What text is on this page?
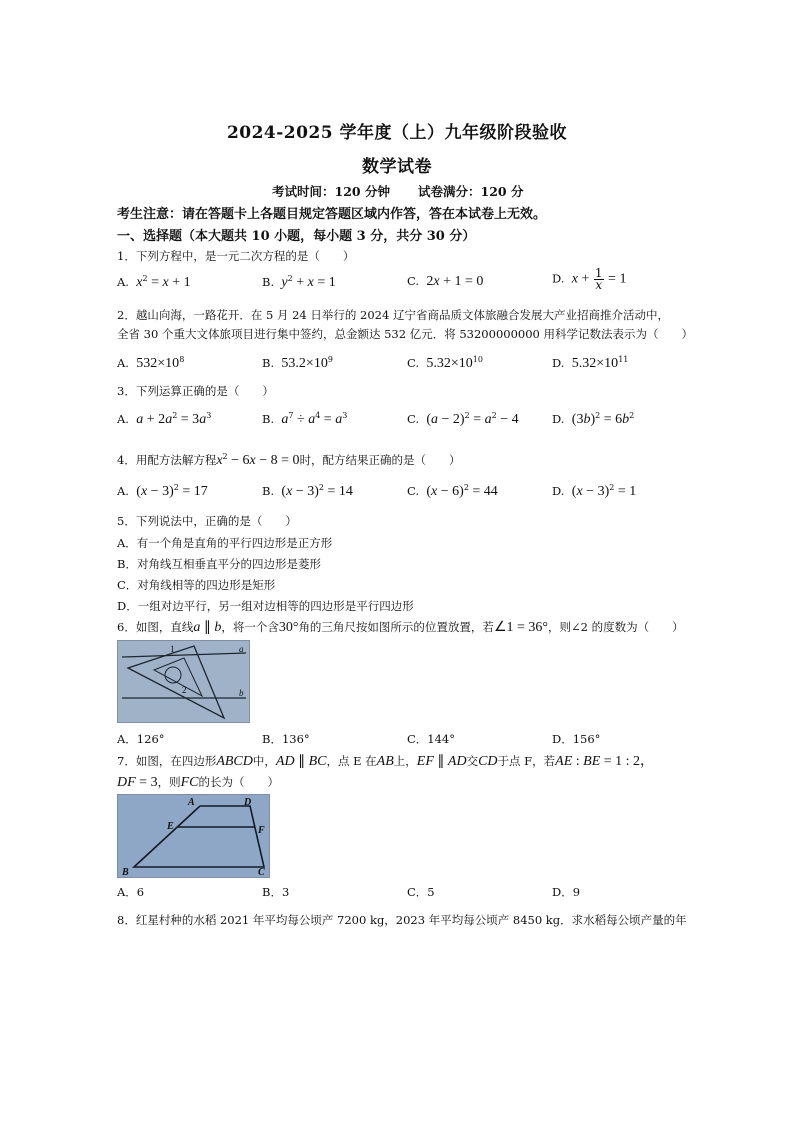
2024-2025 学年度（上）九年级阶段验收
数学试卷
考试时间：120 分钟 试卷满分：120 分
考生注意：请在答题卡上各题目规定答题区域内作答，答在本试卷上无效。
一、选择题（本大题共 10 小题，每小题 3 分，共分 30 分）
1．下列方程中，是一元二次方程的是（　　）
A.  $x^2 = x + 1$	B.  $y^2 + x = 1$	C.  2x + 1 = 0	D.  $x + \frac{1}{x} = 1$
2．越山向海，一路花开．在 5 月 24 日举行的 2024 辽宁省商品质文体旅融合发展大产业招商推介活动中，
全省 30 个重大文体旅项目进行集中签约，总金额达 532 亿元．将 53200000000 用科学记数法表示为（　　）
A.  $532\times 10^8$	B.  $53.2\times 10^9$	C.  $5.32\times 10^{10}$	D.  $5.32\times 10^{11}$
3．下列运算正确的是（　　）
A.  $a + 2a^2 = 3a^3$	B.  $a^7 \div a^4 = a^3$	C.  $(a - 2)^2 = a^2 - 4$	D.  $(3b)^2 = 6b^2$
4．用配方法解方程$x^2 - 6x - 8 = 0$时，配方结果正确的是（　　）
A.  $(x - 3)^2 = 17$	B.  $(x - 3)^2 = 14$	C.  $(x - 6)^2 = 44$	D.  $(x - 3)^2 = 1$
5．下列说法中，正确的是（　　）
A．有一个角是直角的平行四边形是正方形
B．对角线互相垂直平分的四边形是菱形
C．对角线相等的四边形是矩形
D．一组对边平行，另一组对边相等的四边形是平行四边形
6．如图，直线a ∥ b，将一个含30°角的三角尺按如图所示的位置放置，若∠1 = 36°，则∠2 的度数为（　　）
1
2
a
b
A．126°	B．136°	C．144°	D．156°
7．如图，在四边形ABCD中，AD ∥ BC，点 E 在AB上，EF ∥ AD交CD于点 F，若AE : BE = 1 : 2，
DF = 3，则FC的长为（　　）
A	D
E	F
B	C
A．6	B．3	C．5	D．9
8．红星村种的水稻 2021 年平均每公顷产 7200 kg，2023 年平均每公顷产 8450 kg．求水稻每公顷产量的年
